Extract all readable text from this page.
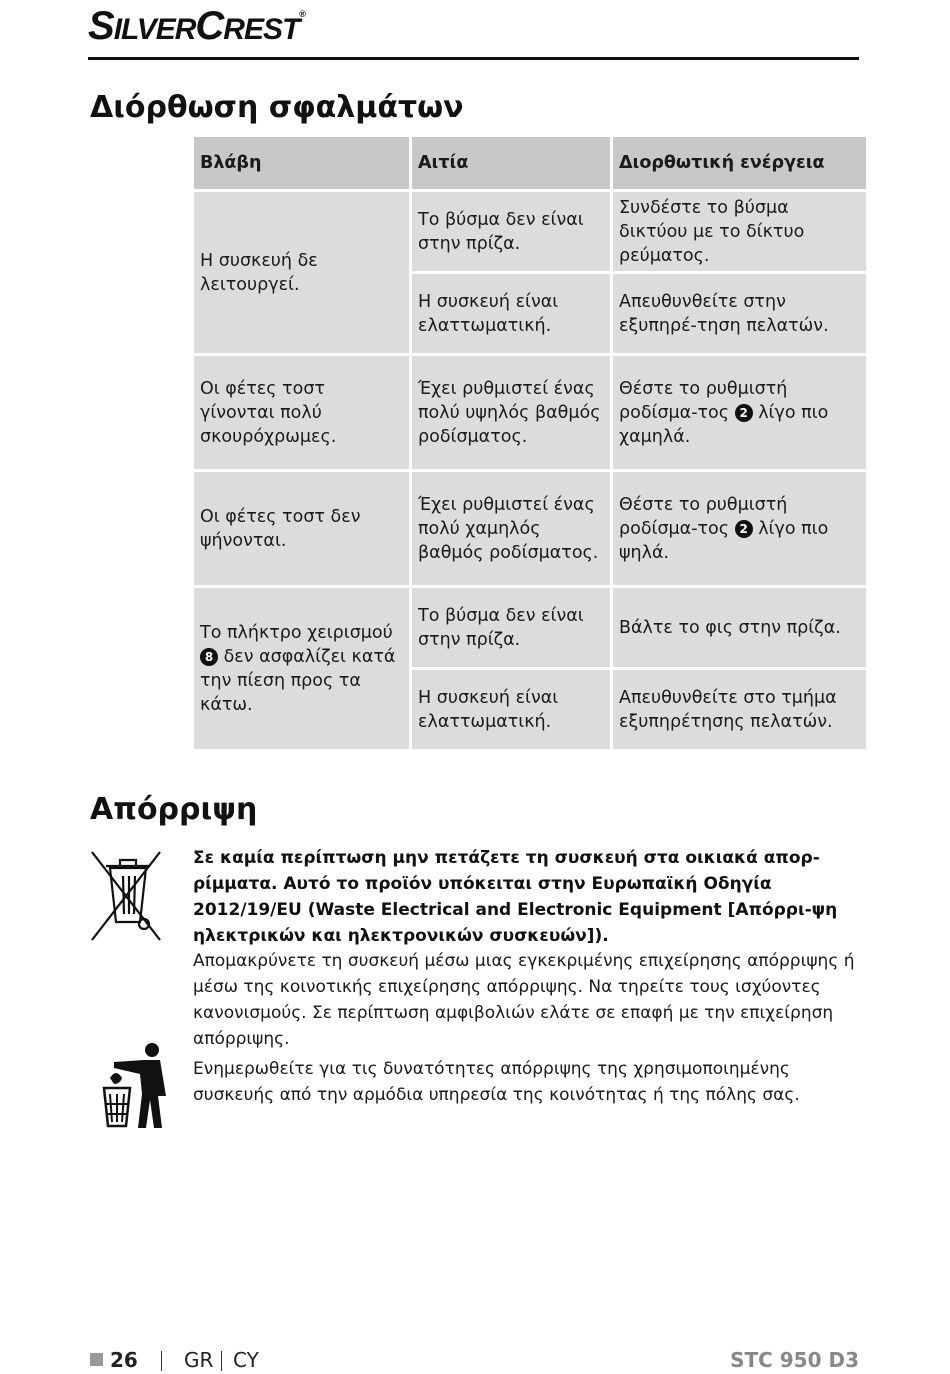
SILVERCREST®
Διόρθωση σφαλμάτων
Βλάβη	Αιτία	Διορθωτική ενέργεια
Η συσκευή δε λειτουργεί.	Το βύσμα δεν είναι στην πρίζα.	Συνδέστε το βύσμα δικτύου με το δίκτυο ρεύματος.
	Η συσκευή είναι ελαττωματική.	Απευθυνθείτε στην εξυπηρέ-τηση πελατών.
Οι φέτες τοστ γίνονται πολύ σκουρόχρωμες.	Έχει ρυθμιστεί ένας πολύ υψηλός βαθμός ροδίσματος.	Θέστε το ρυθμιστή ροδίσμα-τος 2 λίγο πιο χαμηλά.
Οι φέτες τοστ δεν ψήνονται.	Έχει ρυθμιστεί ένας πολύ χαμηλός βαθμός ροδίσματος.	Θέστε το ρυθμιστή ροδίσμα-τος 2 λίγο πιο ψηλά.
Το πλήκτρο χειρισμού 8 δεν ασφαλίζει κατά την πίεση προς τα κάτω.	Το βύσμα δεν είναι στην πρίζα.	Βάλτε το φις στην πρίζα.
	Η συσκευή είναι ελαττωματική.	Απευθυνθείτε στο τμήμα εξυπηρέτησης πελατών.
Απόρριψη

Σε καμία περίπτωση μην πετάζετε τη συσκευή στα οικιακά απορ-ρίμματα. Αυτό το προϊόν υπόκειται στην Ευρωπαϊκή Οδηγία 2012/19/EU (Waste Electrical and Electronic Equipment [Απόρρι-ψη ηλεκτρικών και ηλεκτρονικών συσκευών]).

Απομακρύνετε τη συσκευή μέσω μιας εγκεκριμένης επιχείρησης απόρριψης ή μέσω της κοινοτικής επιχείρησης απόρριψης. Να τηρείτε τους ισχύοντες κανονισμούς. Σε περίπτωση αμφιβολιών ελάτε σε επαφή με την επιχείρηση απόρριψης.

Ενημερωθείτε για τις δυνατότητες απόρριψης της χρησιμοποιημένης συσκευής από την αρμόδια υπηρεσία της κοινότητας ή της πόλης σας.

26 GR CY	STC 950 D3
